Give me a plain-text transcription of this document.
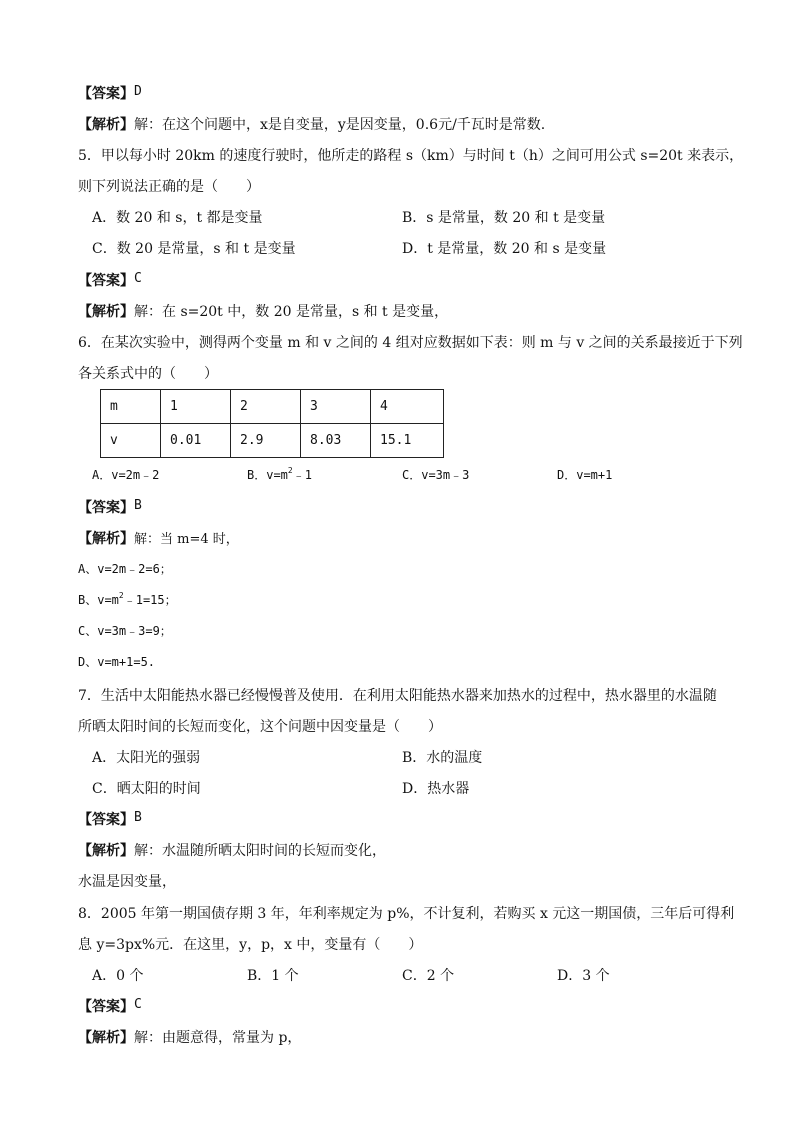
【答案】 D
【解析】 解：在这个问题中，x是自变量，y是因变量，0.6元/千瓦时是常数.
5．甲以每小时 20km 的速度行驶时，他所走的路程 s（km）与时间 t（h）之间可用公式 s=20t 来表示，
则下列说法正确的是（　　）
A．数 20 和 s，t 都是变量	B．s 是常量，数 20 和 t 是变量
C．数 20 是常量，s 和 t 是变量	D．t 是常量，数 20 和 s 是变量
【答案】 C
【解析】 解：在 s=20t 中，数 20 是常量，s 和 t 是变量，
6．在某次实验中，测得两个变量 m 和 v 之间的 4 组对应数据如下表：则 m 与 v 之间的关系最接近于下列
各关系式中的（　　）
m	1	2	3	4
v	0.01	2.9	8.03	15.1
A．v=2m﹣2	B．$v=m^2﹣1$	C．v=3m﹣3	D．v=m+1
【答案】 B
【解析】 解：当 m=4 时，
A、v=2m﹣2=6；
B、$v=m^2﹣1=15$；
C、v=3m﹣3=9；
D、v=m+1=5.
7．生活中太阳能热水器已经慢慢普及使用．在利用太阳能热水器来加热水的过程中，热水器里的水温随
所晒太阳时间的长短而变化，这个问题中因变量是（　　）
A．太阳光的强弱	B．水的温度
C．晒太阳的时间	D．热水器
【答案】 B
【解析】 解：水温随所晒太阳时间的长短而变化，
水温是因变量，
8．2005 年第一期国债存期 3 年，年利率规定为 p%，不计复利，若购买 x 元这一期国债，三年后可得利
息 y=3px%元．在这里，y，p，x 中，变量有（　　）
A．0 个	B．1 个	C．2 个	D．3 个
【答案】 C
【解析】 解：由题意得，常量为 p，
